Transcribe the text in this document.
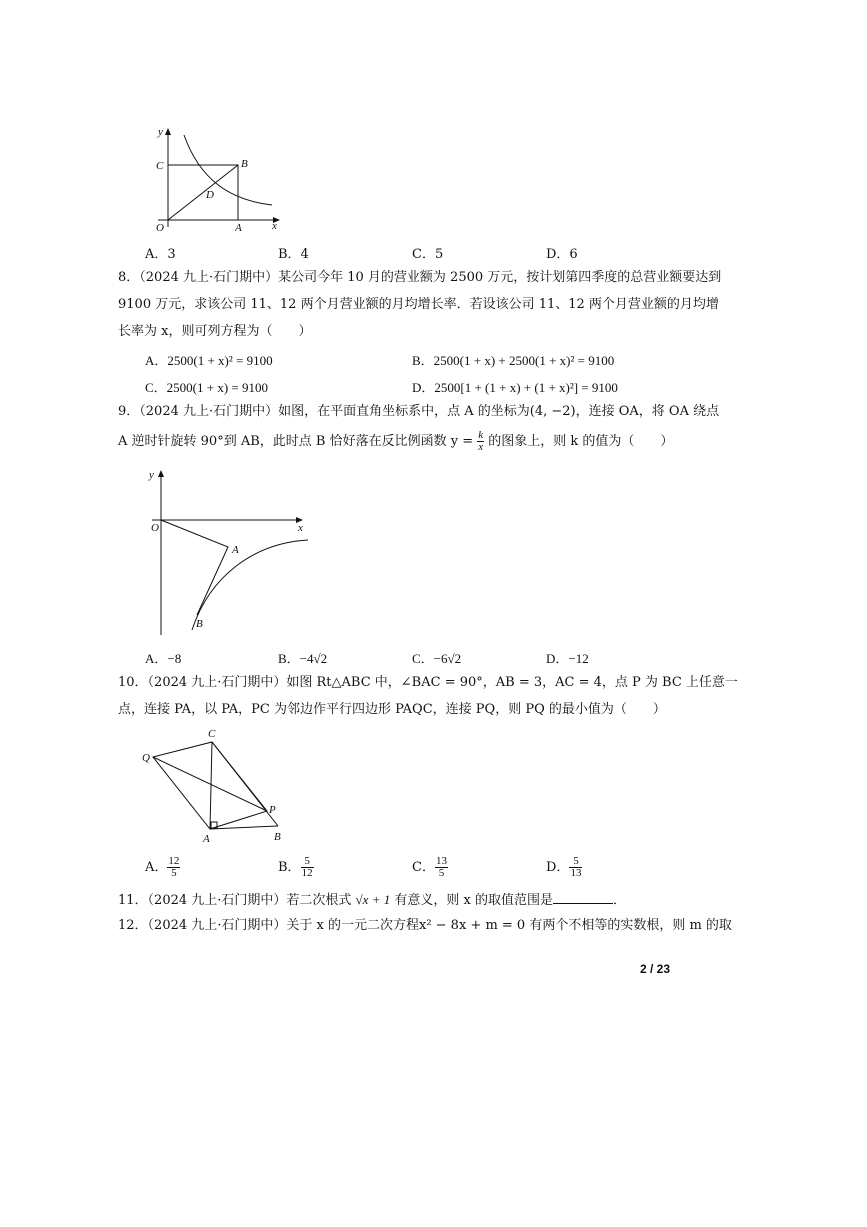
y
x
C	B
D
O	A
A．3	B．4	C．5	D．6
8．（2024 九上·石门期中）某公司今年 10 月的营业额为 2500 万元，按计划第四季度的总营业额要达到
9100 万元，求该公司 11、12 两个月营业额的月均增长率．若设该公司 11、12 两个月营业额的月均增
长率为 x，则可列方程为（　　）
A．2500(1 + x)² = 9100	B．2500(1 + x) + 2500(1 + x)² = 9100
C．2500(1 + x) = 9100	D．2500[1 + (1 + x) + (1 + x)²] = 9100
9．（2024 九上·石门期中）如图，在平面直角坐标系中，点 A 的坐标为(4, −2)，连接 OA，将 OA 绕点
A 逆时针旋转 90°到 AB，此时点 B 恰好落在反比例函数 $y = \frac{k}{x}$ 的图象上，则 k 的值为（　　）
y
x
O
A
B
A．−8	B．−4√2	C．−6√2	D．−12
10．（2024 九上·石门期中）如图 Rt△ABC 中，∠BAC = 90°，AB = 3，AC = 4，点 P 为 BC 上任意一
点，连接 PA，以 PA，PC 为邻边作平行四边形 PAQC，连接 PQ，则 PQ 的最小值为（　　）
C
Q
P
A	B
A． $\frac{12}{5}$	B． $\frac{5}{12}$	C． $\frac{13}{5}$	D． $\frac{5}{13}$
11．（2024 九上·石门期中）若二次根式 √x + 1 有意义，则 x 的取值范围是	．
12．（2024 九上·石门期中）关于 x 的一元二次方程x² − 8x + m = 0 有两个不相等的实数根，则 m 的取
2 / 23
